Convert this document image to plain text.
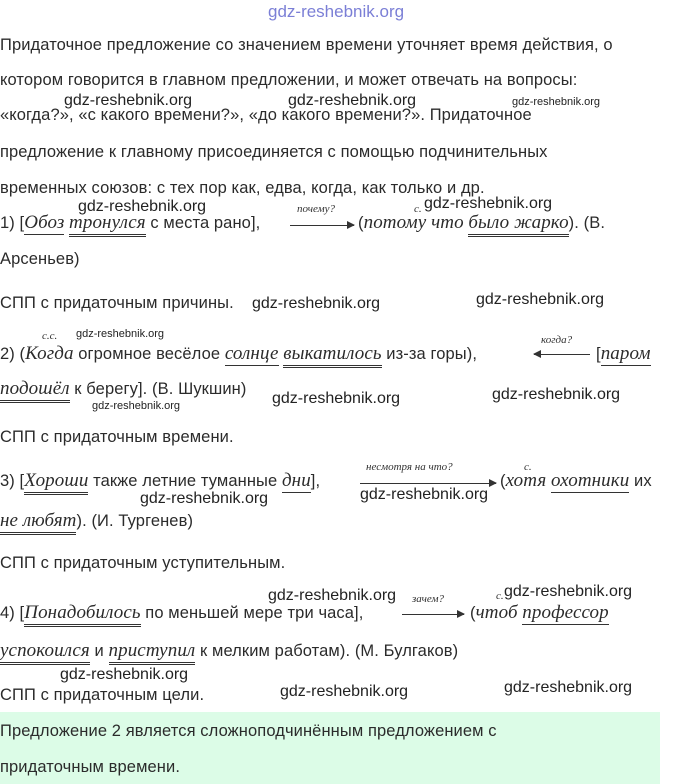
gdz-reshebnik.org
Придаточное предложение со значением времени уточняет время действия, о
котором говорится в главном предложении, и может отвечать на вопросы:
«когда?», «с какого времени?», «до какого времени?». Придаточное
предложение к главному присоединяется с помощью подчинительных
временных союзов: с тех пор как, едва, когда, как только и др.
gdz-reshebnik.org	gdz-reshebnik.org	gdz-reshebnik.org
gdz-reshebnik.org	gdz-reshebnik.org
1) [Обоз тронулся с места рано],
почему?	с.
(потому что было жарко). (В.
Арсеньев)
СПП с придаточным причины. gdz-reshebnik.org	gdz-reshebnik.org
с.с. gdz-reshebnik.org
2) (Когда огромное весёлое солнце выкатилось из-за горы),
когда?
[паром
подошёл к берегу]. (В. Шукшин)
gdz-reshebnik.org	gdz-reshebnik.org
gdz-reshebnik.org
СПП с придаточным времени.
несмотря на что?	с.
3) [Хороши также летние туманные дни],	(хотя охотники их
gdz-reshebnik.org	gdz-reshebnik.org
не любят). (И. Тургенев)
СПП с придаточным уступительным.
gdz-reshebnik.org зачем?	с. gdz-reshebnik.org
4) [Понадобилось по меньшей мере три часа],	(чтоб профессор
успокоился и приступил к мелким работам). (М. Булгаков)
gdz-reshebnik.org
СПП с придаточным цели.	gdz-reshebnik.org	gdz-reshebnik.org
Предложение 2 является сложноподчинённым предложением с
придаточным времени.
